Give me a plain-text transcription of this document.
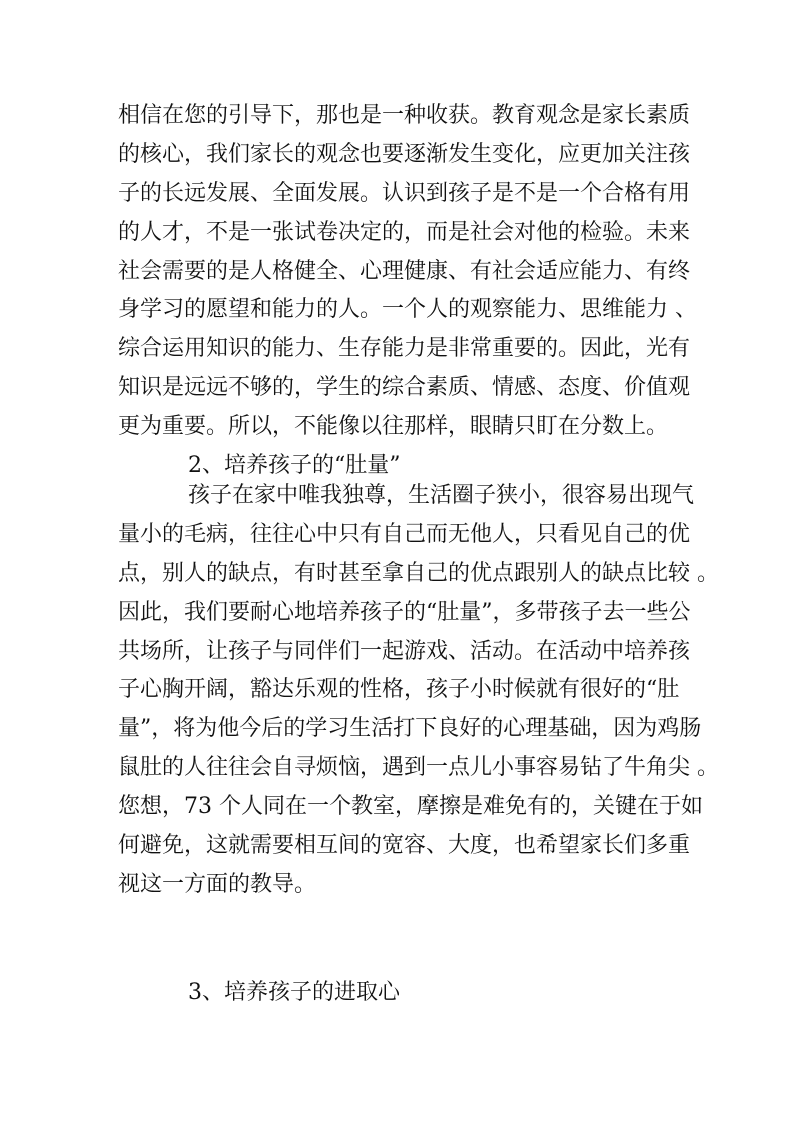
相信在您的引导下，那也是一种收获。教育观念是家长素质
的核心，我们家长的观念也要逐渐发生变化，应更加关注孩
子的长远发展、全面发展。认识到孩子是不是一个合格有用
的人才，不是一张试卷决定的，而是社会对他的检验。未来
社会需要的是人格健全、心理健康、有社会适应能力、有终
身学习的愿望和能力的人。一个人的观察能力、思维能力 、
综合运用知识的能力、生存能力是非常重要的。因此，光有
知识是远远不够的，学生的综合素质、情感、态度、价值观
更为重要。所以，不能像以往那样，眼睛只盯在分数上。
2、培养孩子的“肚量”
孩子在家中唯我独尊，生活圈子狭小，很容易出现气
量小的毛病，往往心中只有自己而无他人，只看见自己的优
点，别人的缺点，有时甚至拿自己的优点跟别人的缺点比较 。
因此，我们要耐心地培养孩子的“肚量”，多带孩子去一些公
共场所，让孩子与同伴们一起游戏、活动。在活动中培养孩
子心胸开阔，豁达乐观的性格，孩子小时候就有很好的“肚
量”，将为他今后的学习生活打下良好的心理基础，因为鸡肠
鼠肚的人往往会自寻烦恼，遇到一点儿小事容易钻了牛角尖 。
您想，73 个人同在一个教室，摩擦是难免有的，关键在于如
何避免，这就需要相互间的宽容、大度，也希望家长们多重
视这一方面的教导。
3、培养孩子的进取心
